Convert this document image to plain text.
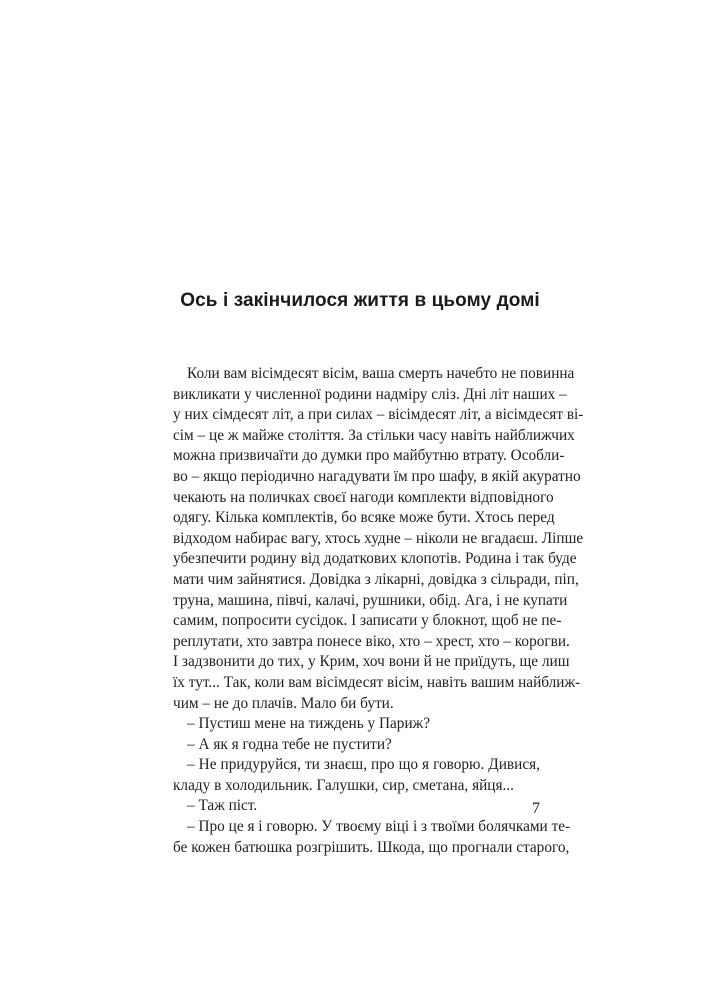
Ось і закінчилося життя в цьому домі
Коли вам вісімдесят вісім, ваша смерть начебто не повинна
викликати у численної родини надміру сліз. Дні літ наших –
у них сімдесят літ, а при силах – вісімдесят літ, а вісімдесят ві-
сім – це ж майже століття. За стільки часу навіть найближчих
можна призвичаїти до думки про майбутню втрату. Особли-
во – якщо періодично нагадувати їм про шафу, в якій акуратно
чекають на поличках своєї нагоди комплекти відповідного
одягу. Кілька комплектів, бо всяке може бути. Хтось перед
відходом набирає вагу, хтось худне – ніколи не вгадаєш. Ліпше
убезпечити родину від додаткових клопотів. Родина і так буде
мати чим зайнятися. Довідка з лікарні, довідка з сільради, піп,
труна, машина, півчі, калачі, рушники, обід. Ага, і не купати
самим, попросити сусідок. І записати у блокнот, щоб не пе-
реплутати, хто завтра понесе віко, хто – хрест, хто – корогви.
І задзвонити до тих, у Крим, хоч вони й не приїдуть, ще лиш
їх тут... Так, коли вам вісімдесят вісім, навіть вашим найближ-
чим – не до плачів. Мало би бути.
– Пустиш мене на тиждень у Париж?
– А як я годна тебе не пустити?
– Не придуруйся, ти знаєш, про що я говорю. Дивися,
кладу в холодильник. Галушки, сир, сметана, яйця...
– Таж піст.
– Про це я і говорю. У твоєму віці і з твоїми болячками те-
бе кожен батюшка розгрішить. Шкода, що прогнали старого,
7
